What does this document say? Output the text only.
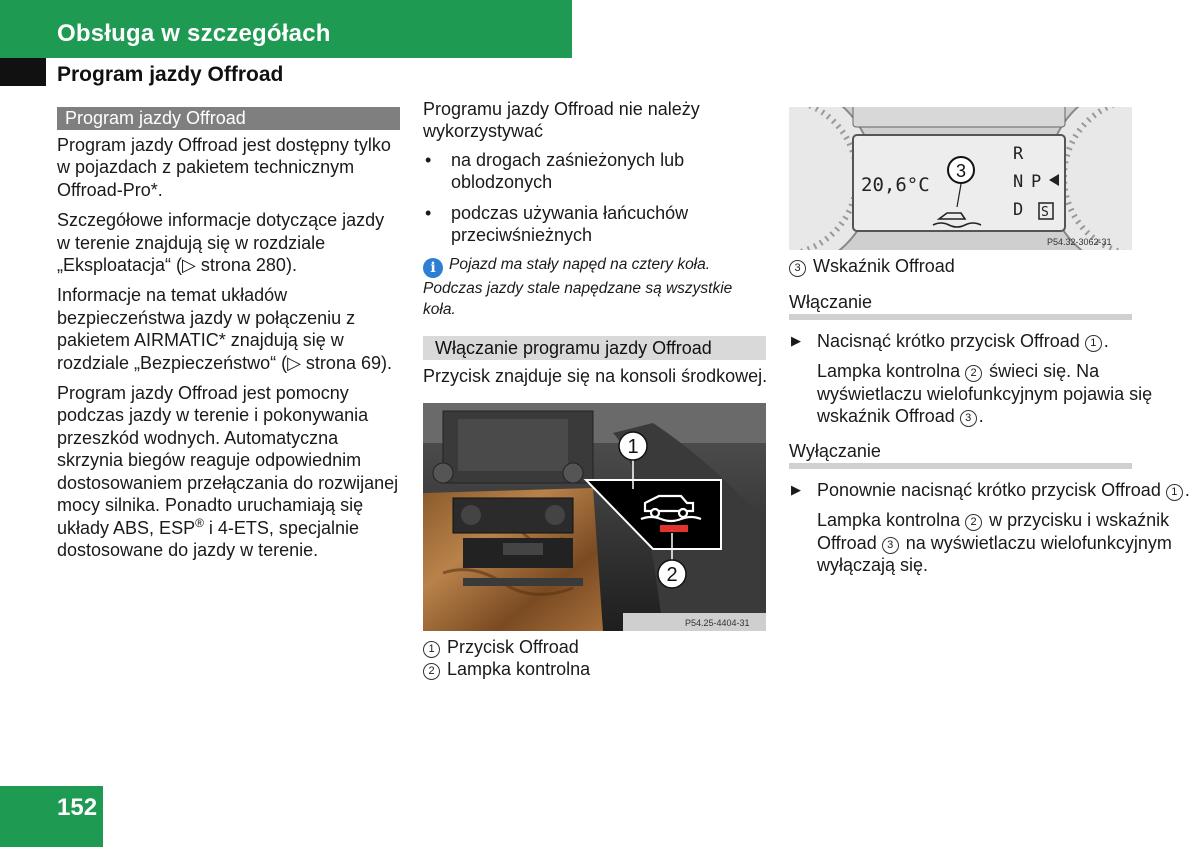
Obsługa w szczegółach
Program jazdy Offroad
Program jazdy Offroad

Program jazdy Offroad jest dostępny tylko w pojazdach z pakietem technicznym Offroad-Pro*.

Szczegółowe informacje dotyczące jazdy w terenie znajdują się w rozdziale „Eksploatacja“ (▷ strona 280).

Informacje na temat układów bezpieczeństwa jazdy w połączeniu z pakietem AIRMATIC* znajdują się w rozdziale „Bezpieczeństwo“ (▷ strona 69).

Program jazdy Offroad jest pomocny podczas jazdy w terenie i pokonywania przeszkód wodnych. Automatyczna skrzynia biegów reaguje odpowiednim dostosowaniem przełączania do rozwijanej mocy silnika. Ponadto uruchamiają się układy ABS, ESP® i 4-ETS, specjalnie dostosowane do jazdy w terenie.

Programu jazdy Offroad nie należy wykorzystywać

• na drogach zaśnieżonych lub oblodzonych
• podczas używania łańcuchów przeciwśnieżnych
i Pojazd ma stały napęd na cztery koła. Podczas jazdy stale napędzane są wszystkie koła.
Włączanie programu jazdy Offroad

Przycisk znajduje się na konsoli środkowej.

P54.25-4404-31
1
2
1 Przycisk Offroad
2 Lampka kontrolna
20,6°C
R
N
D
P
S
3
P54.32-3062-31
3 Wskaźnik Offroad
Włączanie
▶ Nacisnąć krótko przycisk Offroad 1 .
Lampka kontrolna 2 świeci się. Na wyświetlaczu wielofunkcyjnym pojawia się wskaźnik Offroad 3 .
Wyłączanie
▶ Ponownie nacisnąć krótko przycisk Offroad 1 .
Lampka kontrolna 2 w przycisku i wskaźnik Offroad 3 na wyświetlaczu wielofunkcyjnym wyłączają się.
152
